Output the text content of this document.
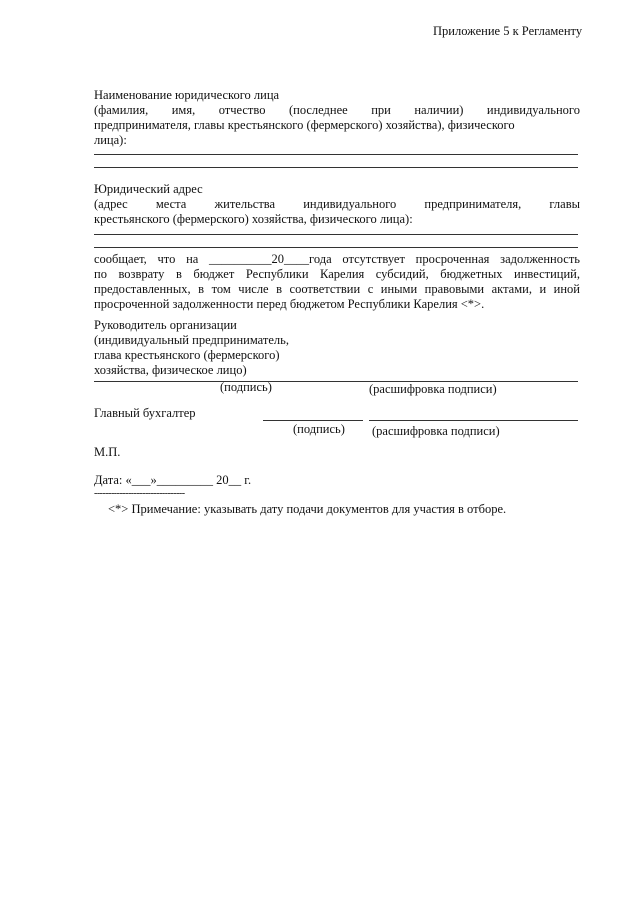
Приложение 5 к Регламенту
Наименование юридического лица
(фамилия, имя, отчество (последнее при наличии) индивидуального
предпринимателя, главы крестьянского (фермерского) хозяйства), физического
лица):
Юридический адрес
(адрес места жительства индивидуального предпринимателя, главы
крестьянского (фермерского) хозяйства, физического лица):
сообщает, что на __________20____года отсутствует просроченная задолженность
по возврату в бюджет Республики Карелия субсидий, бюджетных инвестиций,
предоставленных, в том числе в соответствии с иными правовыми актами, и иной
просроченной задолженности перед бюджетом Республики Карелия <*>.
Руководитель организации
(индивидуальный предприниматель,
глава крестьянского (фермерского)
хозяйства, физическое лицо)
(подпись)	(расшифровка подписи)
Главный бухгалтер
(подпись) (расшифровка подписи)
М.П.
Дата: «___»_________ 20__ г.
--------------------------------
<*> Примечание: указывать дату подачи документов для участия в отборе.
